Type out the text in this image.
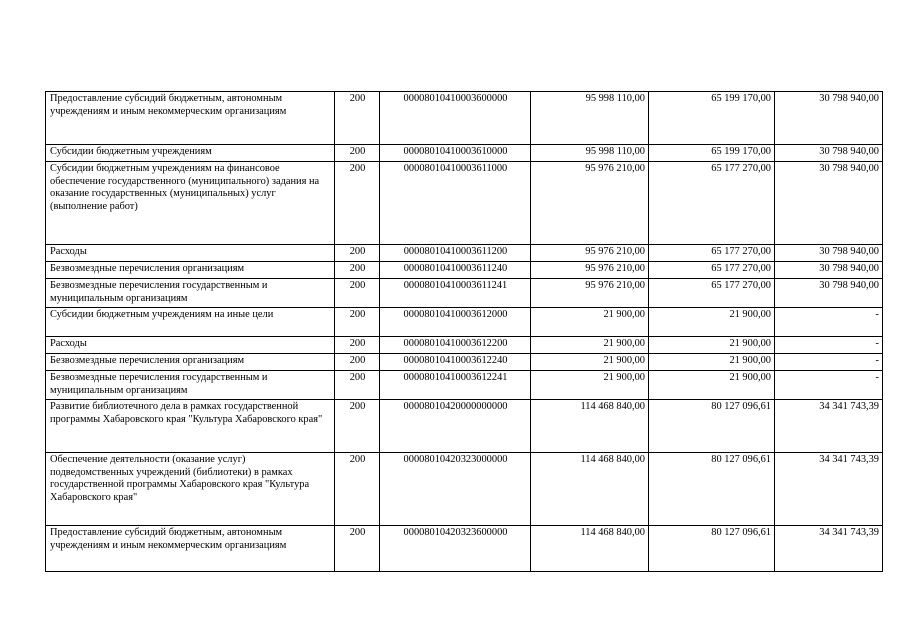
Предоставление субсидий бюджетным, автономным учреждениям и иным некоммерческим организациям	200	00008010410003600000	95 998 110,00	65 199 170,00	30 798 940,00
Субсидии бюджетным учреждениям	200	00008010410003610000	95 998 110,00	65 199 170,00	30 798 940,00
Субсидии бюджетным учреждениям на финансовое обеспечение государственного (муниципального) задания на оказание государственных (муниципальных) услуг (выполнение работ)	200	00008010410003611000	95 976 210,00	65 177 270,00	30 798 940,00
Расходы	200	00008010410003611200	95 976 210,00	65 177 270,00	30 798 940,00
Безвозмездные перечисления организациям	200	00008010410003611240	95 976 210,00	65 177 270,00	30 798 940,00
Безвозмездные перечисления государственным и муниципальным организациям	200	00008010410003611241	95 976 210,00	65 177 270,00	30 798 940,00
Субсидии бюджетным учреждениям на иные цели	200	00008010410003612000	21 900,00	21 900,00	-
Расходы	200	00008010410003612200	21 900,00	21 900,00	-
Безвозмездные перечисления организациям	200	00008010410003612240	21 900,00	21 900,00	-
Безвозмездные перечисления государственным и муниципальным организациям	200	00008010410003612241	21 900,00	21 900,00	-
Развитие библиотечного дела в рамках государственной программы Хабаровского края "Культура Хабаровского края"	200	00008010420000000000	114 468 840,00	80 127 096,61	34 341 743,39
Обеспечение деятельности (оказание услуг) подведомственных учреждений (библиотеки) в рамках государственной программы Хабаровского края "Культура Хабаровского края"	200	00008010420323000000	114 468 840,00	80 127 096,61	34 341 743,39
Предоставление субсидий бюджетным, автономным учреждениям и иным некоммерческим организациям	200	00008010420323600000	114 468 840,00	80 127 096,61	34 341 743,39
